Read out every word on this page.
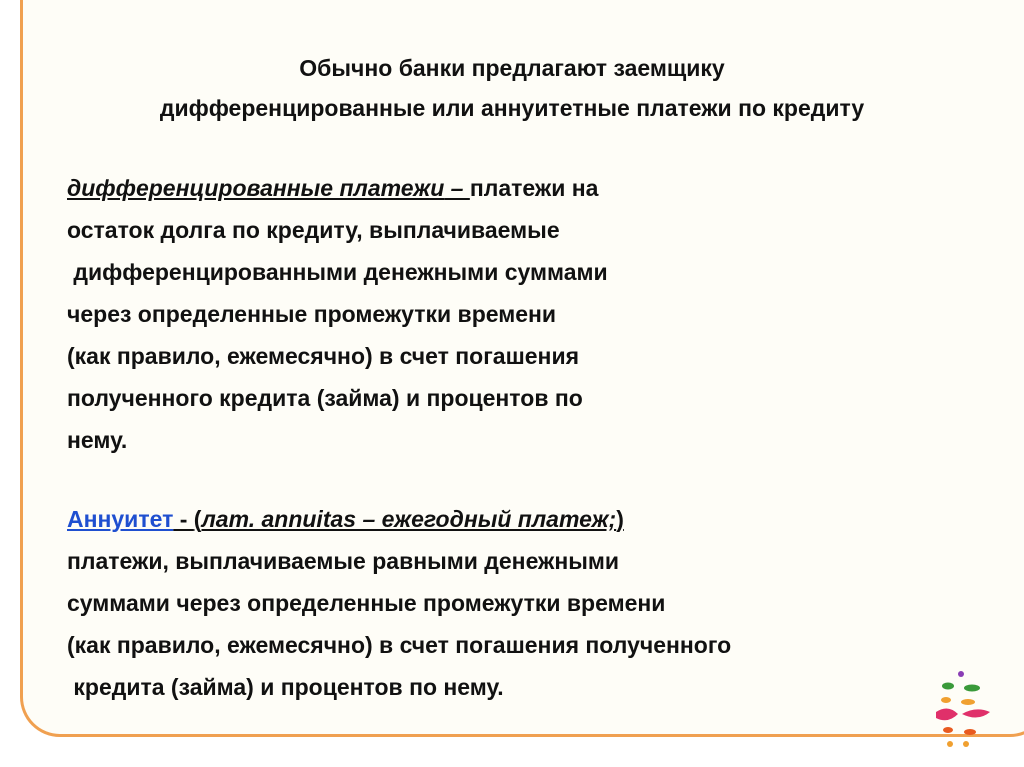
Обычно банки предлагают заемщику
дифференцированные или аннуитетные платежи по кредиту
дифференцированные платежи – платежи на
остаток долга по кредиту, выплачиваемые
дифференцированными денежными суммами
через определенные промежутки времени
(как правило, ежемесячно) в счет погашения
полученного кредита (займа) и процентов по
нему.
Аннуитет - (лат. annuitas – ежегодный платеж;)
платежи, выплачиваемые равными денежными
суммами через определенные промежутки времени
(как правило, ежемесячно) в счет погашения полученного
кредита (займа) и процентов по нему.
